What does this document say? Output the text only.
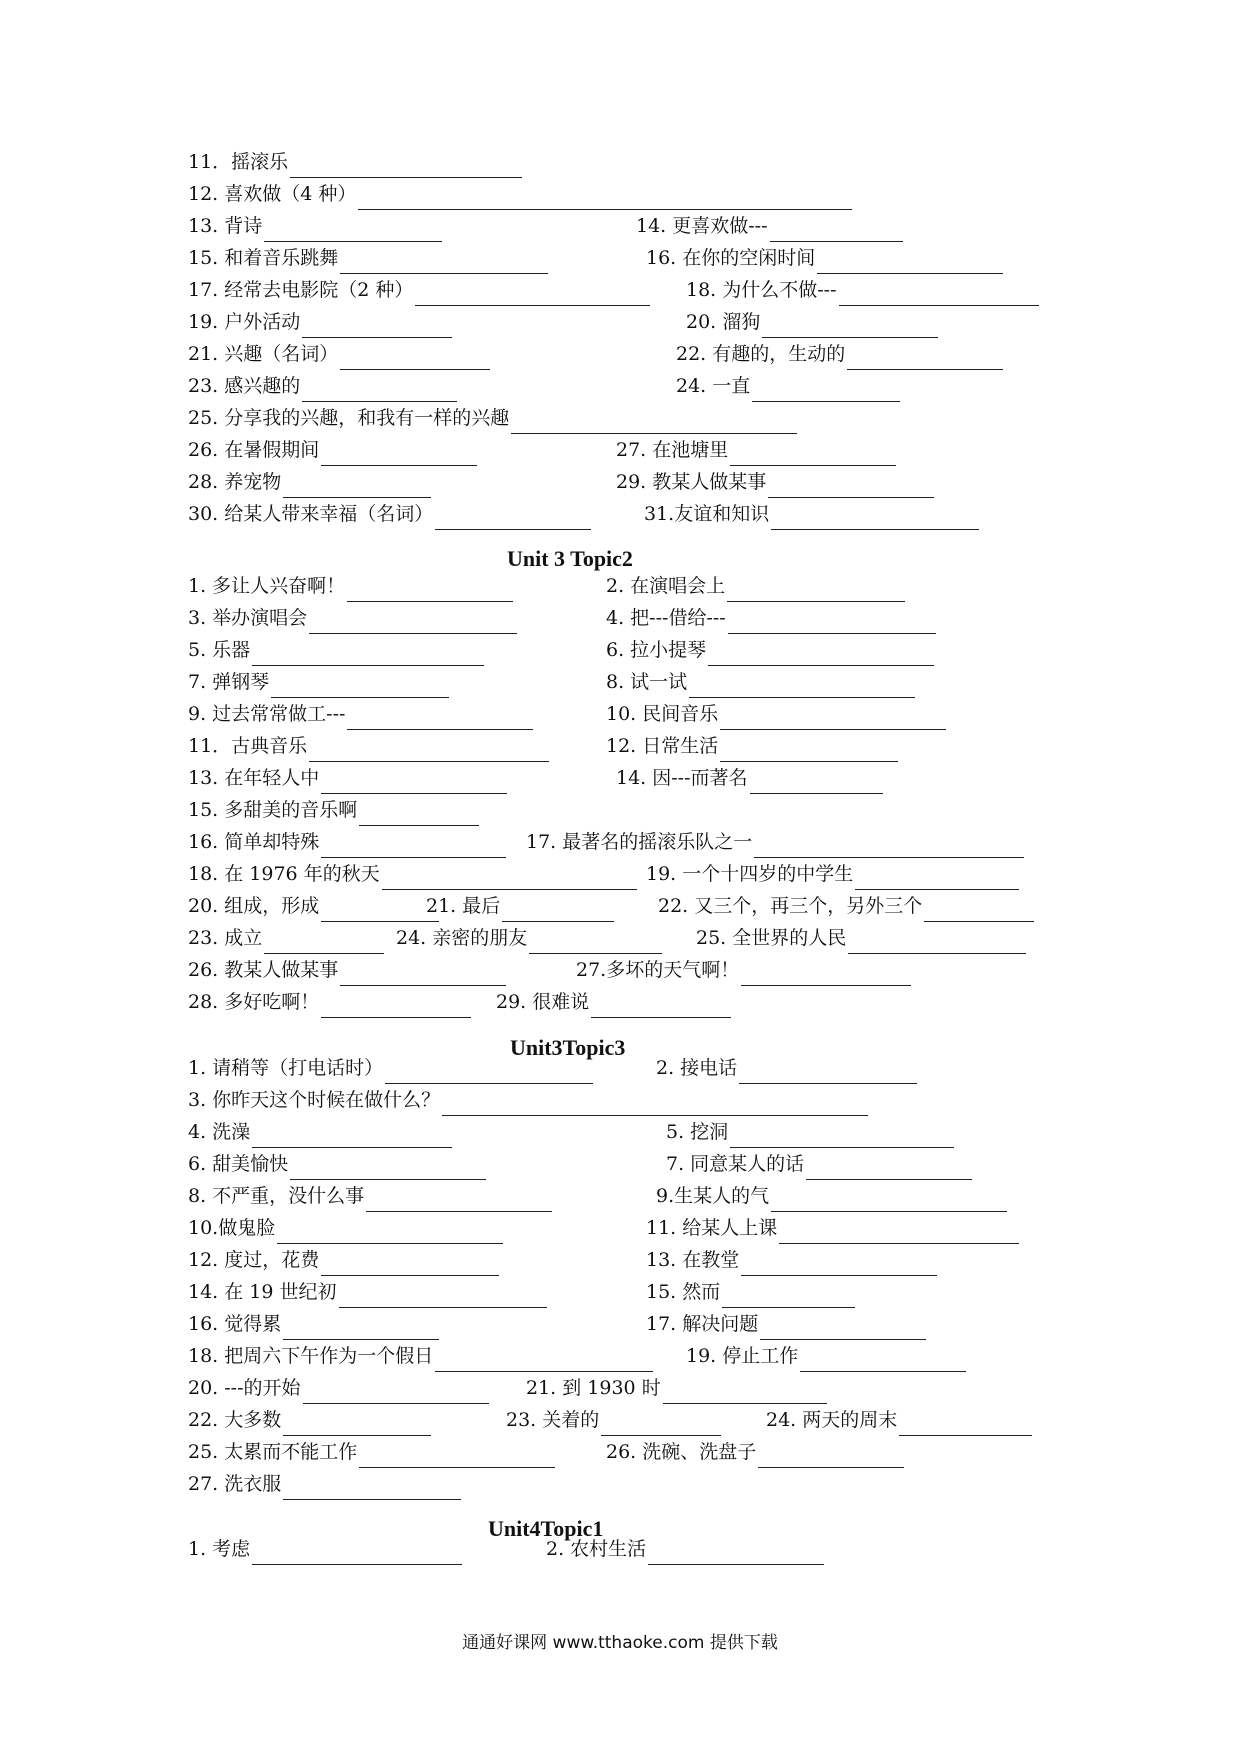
Unit 3 Topic2
Unit3Topic3
Unit4Topic1
通通好课网 www.tthaoke.com 提供下载
11．摇滚乐
12. 喜欢做（4 种）
13. 背诗	14. 更喜欢做---
15. 和着音乐跳舞	16. 在你的空闲时间
17. 经常去电影院（2 种）	18. 为什么不做---
19. 户外活动	20. 溜狗
21. 兴趣（名词）	22. 有趣的，生动的
23. 感兴趣的	24. 一直
25. 分享我的兴趣，和我有一样的兴趣
26. 在暑假期间	27. 在池塘里
28. 养宠物	29. 教某人做某事
30. 给某人带来幸福（名词）	31.友谊和知识
1. 多让人兴奋啊！	2. 在演唱会上
3. 举办演唱会	4. 把---借给---
5. 乐器	6. 拉小提琴
7. 弹钢琴	8. 试一试
9. 过去常常做工---	10. 民间音乐
11．古典音乐	12. 日常生活
13. 在年轻人中	14. 因---而著名
15. 多甜美的音乐啊
16. 简单却特殊	17. 最著名的摇滚乐队之一
18. 在 1976 年的秋天	19. 一个十四岁的中学生
20. 组成，形成	21. 最后	22. 又三个，再三个，另外三个
23. 成立	24. 亲密的朋友	25. 全世界的人民
26. 教某人做某事	27.多坏的天气啊！
28. 多好吃啊！	29. 很难说
1. 请稍等（打电话时）	2. 接电话
3. 你昨天这个时候在做什么？
4. 洗澡	5. 挖洞
6. 甜美愉快	7. 同意某人的话
8. 不严重，没什么事	9.生某人的气
10.做鬼脸	11. 给某人上课
12. 度过，花费	13. 在教堂
14. 在 19 世纪初	15. 然而
16. 觉得累	17. 解决问题
18. 把周六下午作为一个假日	19. 停止工作
20. ---的开始	21. 到 1930 时
22. 大多数	23. 关着的	24. 两天的周末
25. 太累而不能工作	26. 洗碗、洗盘子
27. 洗衣服
1. 考虑	2. 农村生活
